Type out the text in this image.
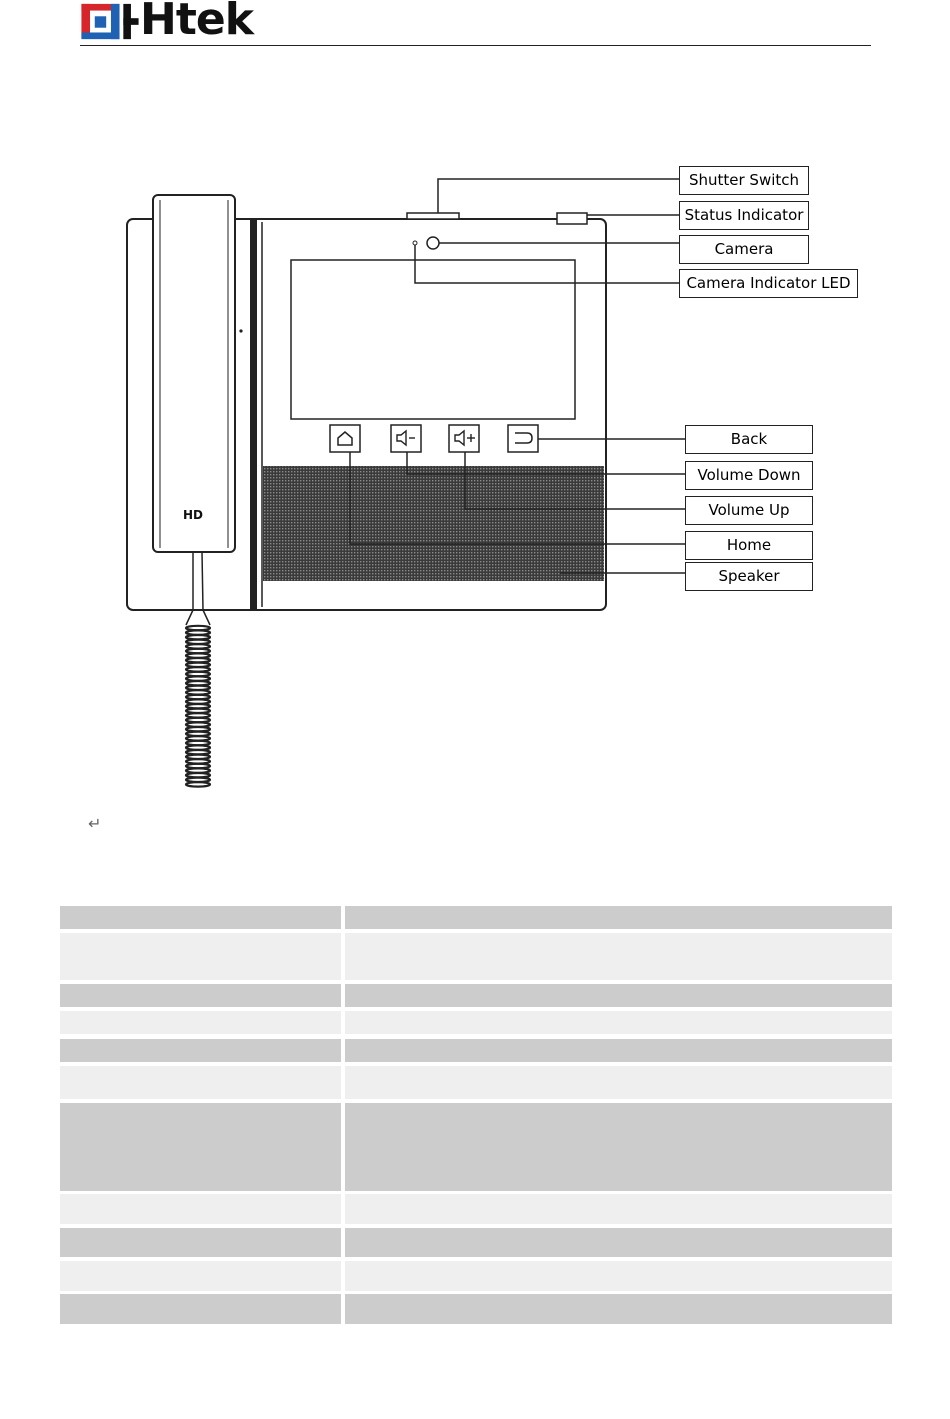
Htek
HD
Shutter Switch
Status Indicator
Camera
Camera Indicator LED
Back
Volume Down
Volume Up
Home
Speaker
↵
